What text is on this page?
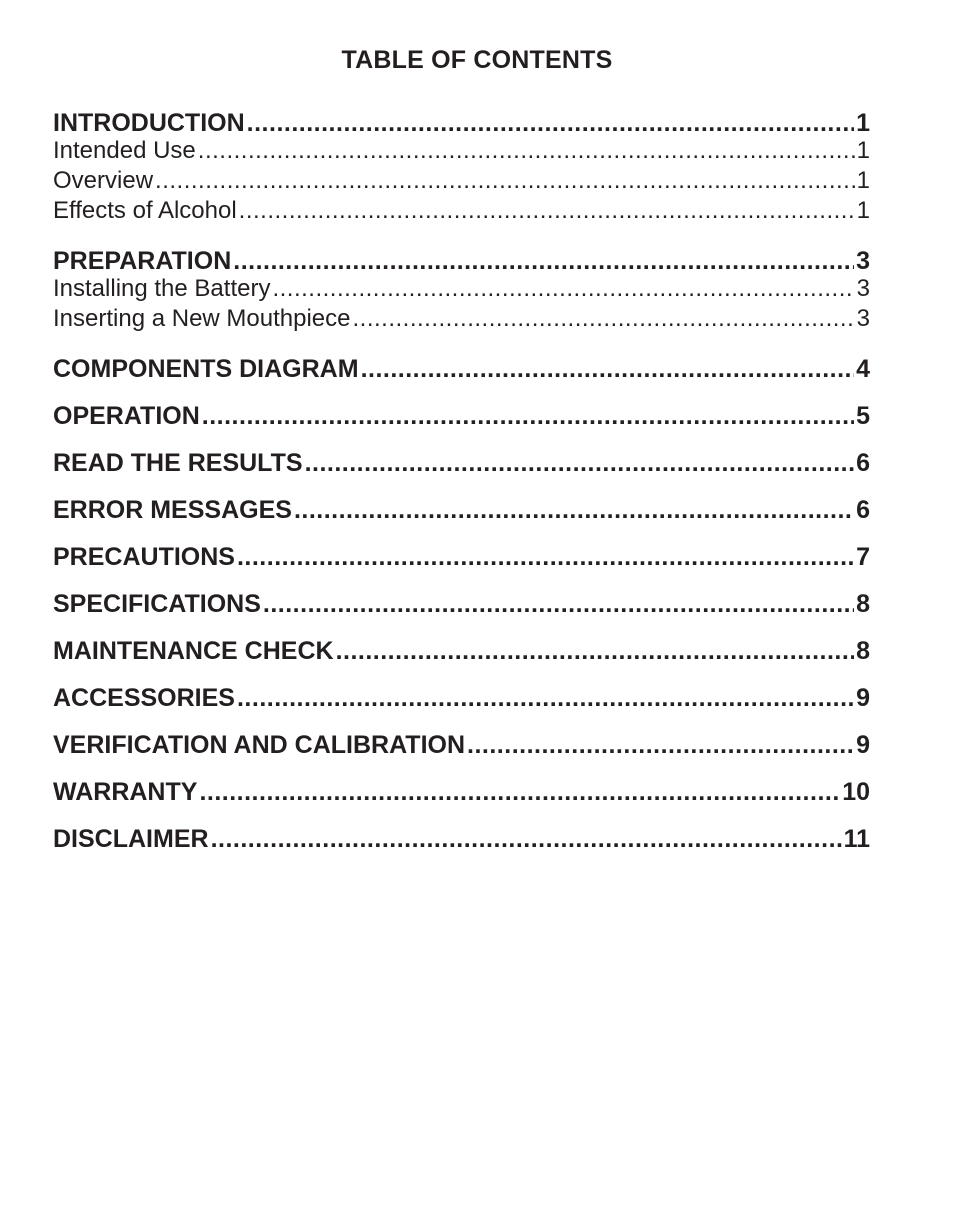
TABLE OF CONTENTS
INTRODUCTION .....	1
Intended Use .....	1
Overview .....	1
Effects of Alcohol .....	1
PREPARATION .....	3
Installing the Battery .....	3
Inserting a New Mouthpiece .....	3
COMPONENTS DIAGRAM .....	4
OPERATION .....	5
READ THE RESULTS .....	6
ERROR MESSAGES .....	6
PRECAUTIONS .....	7
SPECIFICATIONS .....	8
MAINTENANCE CHECK .....	8
ACCESSORIES .....	9
VERIFICATION AND CALIBRATION .....	9
WARRANTY .....	10
DISCLAIMER .....	11
